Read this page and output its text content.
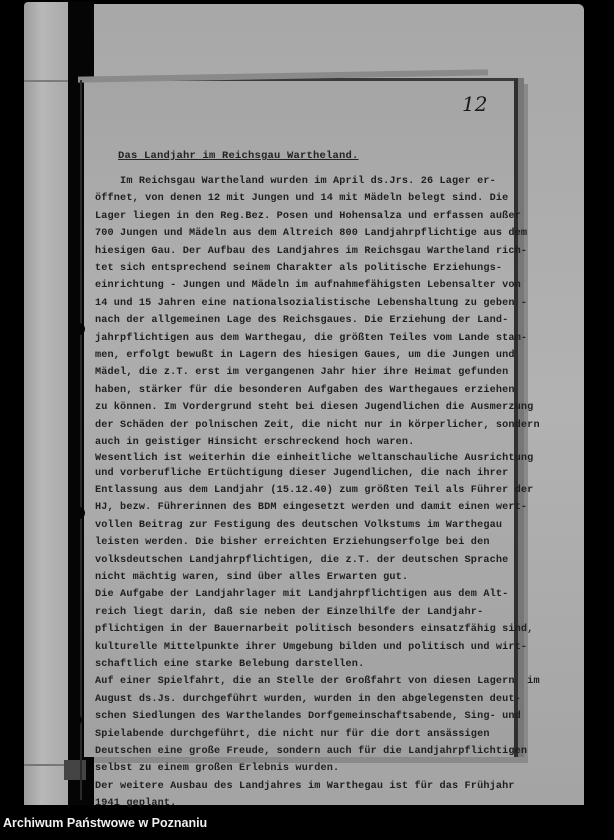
12
Das Landjahr im Reichsgau Wartheland.
Im Reichsgau Wartheland wurden im April ds.Jrs. 26 Lager er-
öffnet, von denen 12 mit Jungen und 14 mit Mädeln belegt sind. Die
Lager liegen in den Reg.Bez. Posen und Hohensalza und erfassen außer
700 Jungen und Mädeln aus dem Altreich 800 Landjahrpflichtige aus dem
hiesigen Gau. Der Aufbau des Landjahres im Reichsgau Wartheland rich-
tet sich entsprechend seinem Charakter als politische Erziehungs-
einrichtung - Jungen und Mädeln im aufnahmefähigsten Lebensalter von
14 und 15 Jahren eine nationalsozialistische Lebenshaltung zu geben -
nach der allgemeinen Lage des Reichsgaues. Die Erziehung der Land-
jahrpflichtigen aus dem Warthegau, die größten Teiles vom Lande stam-
men, erfolgt bewußt in Lagern des hiesigen Gaues, um die Jungen und
Mädel, die z.T. erst im vergangenen Jahr hier ihre Heimat gefunden
haben, stärker für die besonderen Aufgaben des Warthegaues erziehen
zu können. Im Vordergrund steht bei diesen Jugendlichen die Ausmerzung
der Schäden der polnischen Zeit, die nicht nur in körperlicher, sondern
auch in geistiger Hinsicht erschreckend hoch waren.
Wesentlich ist weiterhin die einheitliche weltanschauliche Ausrichtung
und vorberufliche Ertüchtigung dieser Jugendlichen, die nach ihrer
Entlassung aus dem Landjahr (15.12.40) zum größten Teil als Führer der
HJ, bezw. Führerinnen des BDM eingesetzt werden und damit einen wert-
vollen Beitrag zur Festigung des deutschen Volkstums im Warthegau
leisten werden. Die bisher erreichten Erziehungserfolge bei den
volksdeutschen Landjahrpflichtigen, die z.T. der deutschen Sprache
nicht mächtig waren, sind über alles Erwarten gut.
Die Aufgabe der Landjahrlager mit Landjahrpflichtigen aus dem Alt-
reich liegt darin, daß sie neben der Einzelhilfe der Landjahr-
pflichtigen in der Bauernarbeit politisch besonders einsatzfähig sind,
kulturelle Mittelpunkte ihrer Umgebung bilden und politisch und wirt-
schaftlich eine starke Belebung darstellen.
Auf einer Spielfahrt, die an Stelle der Großfahrt von diesen Lagern  im
August ds.Js. durchgeführt wurden, wurden in den abgelegensten deut-
schen Siedlungen des Warthelandes Dorfgemeinschaftsabende, Sing- und
Spielabende durchgeführt, die nicht nur für die dort ansässigen
Deutschen eine große Freude, sondern auch für die Landjahrpflichtigen
selbst zu einem großen Erlebnis wurden.
Der weitere Ausbau des Landjahres im Warthegau ist für das Frühjahr
1941 geplant.
Archiwum Państwowe w Poznaniu
